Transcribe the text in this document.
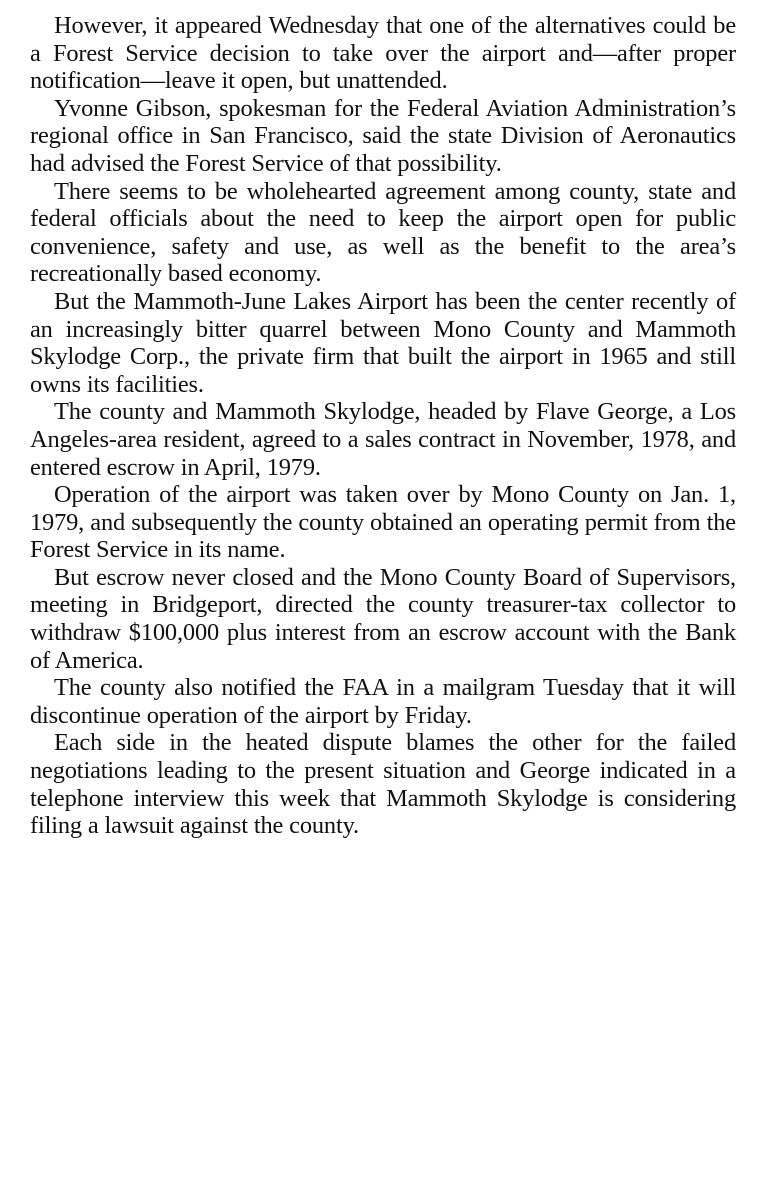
However, it appeared Wednesday that one of the alternatives could be a Forest Service decision to take over the airport and—after proper notification—leave it open, but unattended.

Yvonne Gibson, spokesman for the Federal Aviation Administration’s regional office in San Francisco, said the state Division of Aeronautics had advised the Forest Service of that possibility.

There seems to be wholehearted agreement among county, state and federal officials about the need to keep the airport open for public convenience, safety and use, as well as the benefit to the area’s recreationally based economy.

But the Mammoth-June Lakes Airport has been the center recently of an increasingly bitter quarrel between Mono County and Mammoth Skylodge Corp., the private firm that built the airport in 1965 and still owns its facilities.

The county and Mammoth Skylodge, headed by Flave George, a Los Angeles-area resident, agreed to a sales contract in November, 1978, and entered escrow in April, 1979.

Operation of the airport was taken over by Mono County on Jan. 1, 1979, and subsequently the county obtained an operating permit from the Forest Service in its name.

But escrow never closed and the Mono County Board of Supervisors, meeting in Bridgeport, directed the county treasurer-tax collector to withdraw $100,000 plus interest from an escrow account with the Bank of America.

The county also notified the FAA in a mailgram Tuesday that it will discontinue operation of the airport by Friday.

Each side in the heated dispute blames the other for the failed negotiations leading to the present situation and George indicated in a telephone interview this week that Mammoth Skylodge is considering filing a lawsuit against the county.
